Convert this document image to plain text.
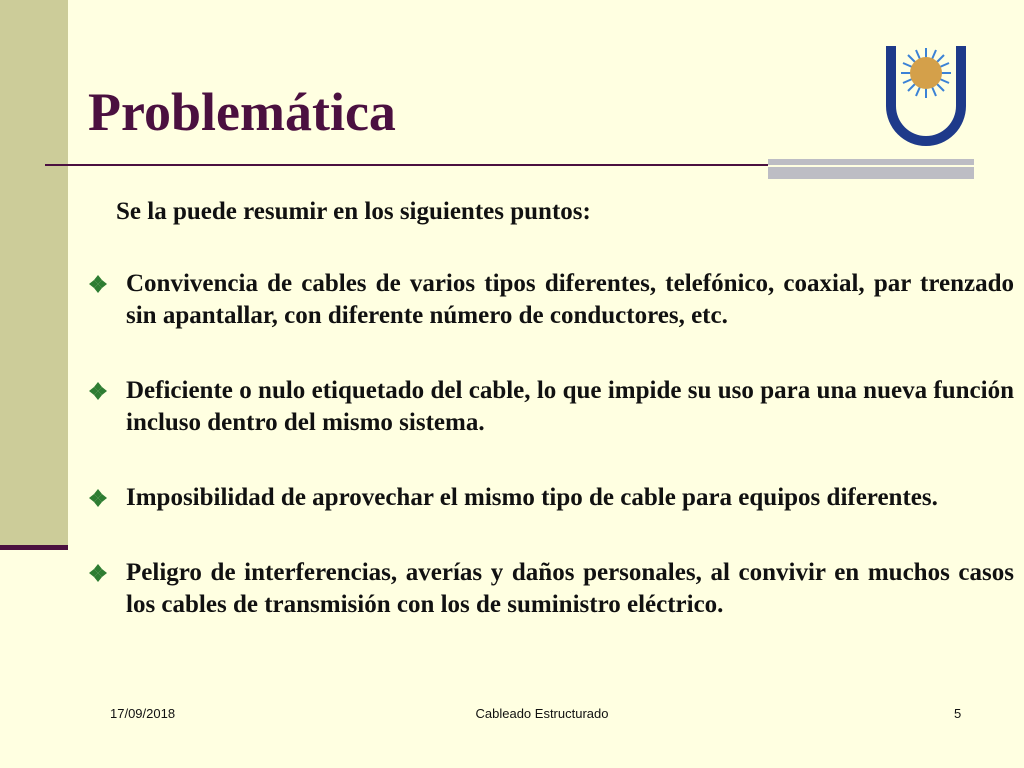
Problemática
Se la puede resumir en los siguientes puntos:
Convivencia de cables de varios tipos diferentes, telefónico, coaxial, par trenzado sin apantallar, con diferente número de conductores, etc.
Deficiente o nulo etiquetado del cable, lo que impide su uso para una nueva función incluso dentro del mismo sistema.
Imposibilidad de aprovechar el mismo tipo de cable para equipos diferentes.
Peligro de interferencias, averías y daños personales, al convivir en muchos casos los cables de transmisión con los de suministro eléctrico.
17/09/2018	Cableado Estructurado	5
